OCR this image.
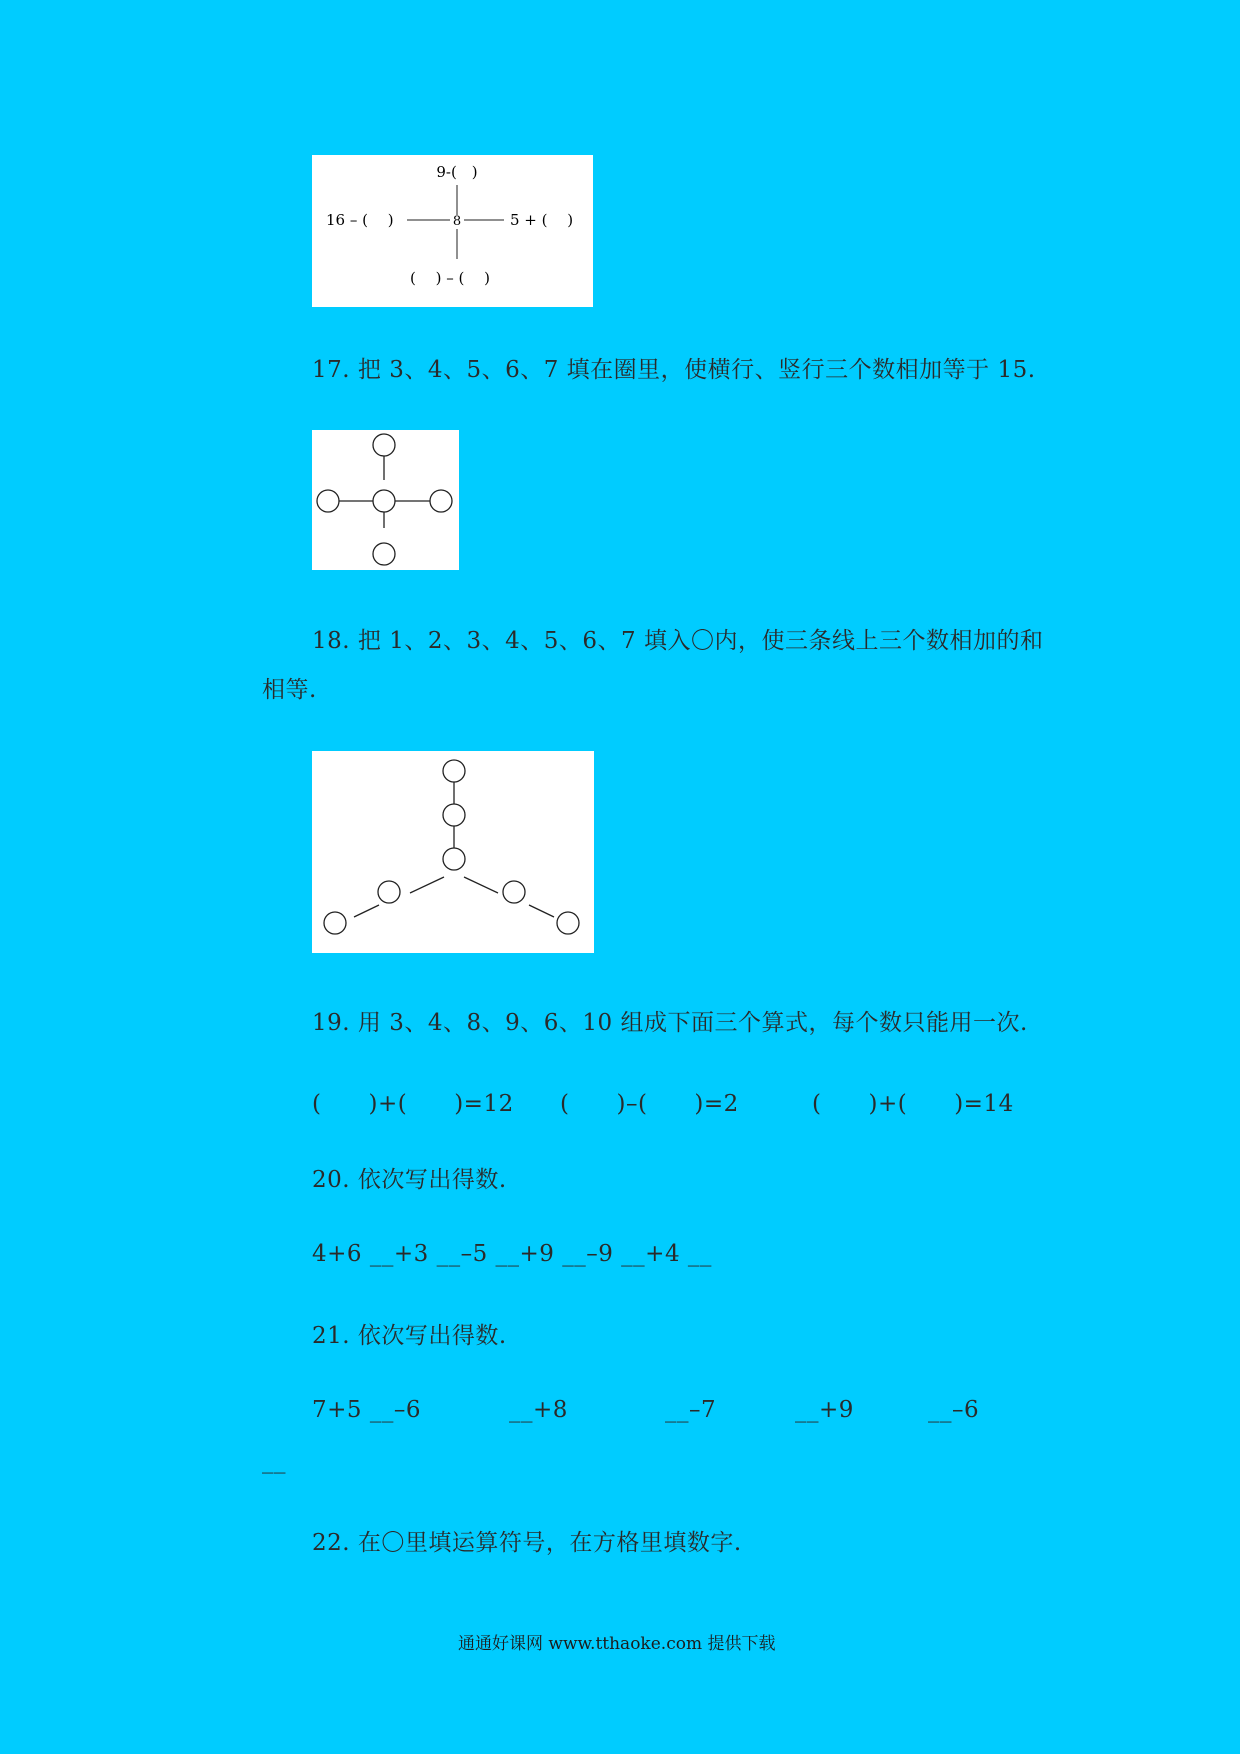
9-(　)
16 – (　 )	8	5 + (　 )
(　 ) – (　 )
17. 把 3、4、5、6、7 填在圈里，使横行、竖行三个数相加等于 15.
18. 把 1、2、3、4、5、6、7 填入〇内，使三条线上三个数相加的和
相等.
19. 用 3、4、8、9、6、10 组成下面三个算式，每个数只能用一次.
(　　)+(　　)=12 (　　)–(　　)=2	(　　)+(　　)=14
20. 依次写出得数.
4+6 __+3 __–5 __+9 __–9 __+4 __
21. 依次写出得数.
7+5 __–6	__+8	__–7	__+9	__–6
__
22. 在〇里填运算符号，在方格里填数字.
通通好课网 www.tthaoke.com 提供下载
